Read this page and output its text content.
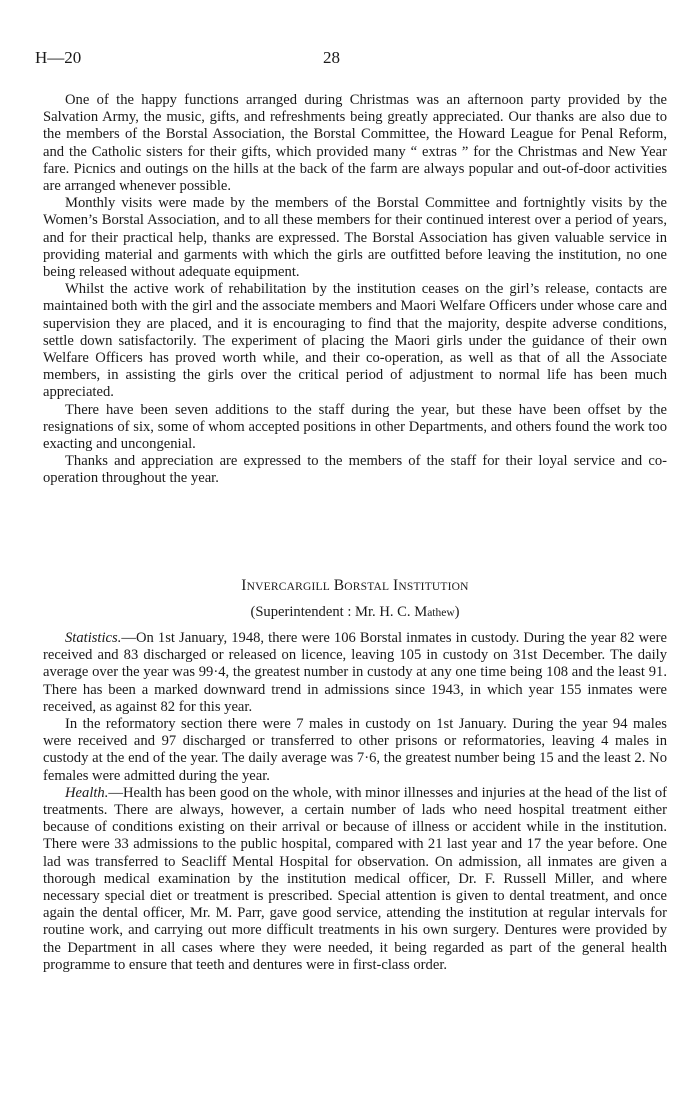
H—20	28

One of the happy functions arranged during Christmas was an afternoon party provided by the Salvation Army, the music, gifts, and refreshments being greatly appreciated. Our thanks are also due to the members of the Borstal Association, the Borstal Committee, the Howard League for Penal Reform, and the Catholic sisters for their gifts, which provided many “ extras ” for the Christmas and New Year fare. Picnics and outings on the hills at the back of the farm are always popular and out-of-door activities are arranged whenever possible.

Monthly visits were made by the members of the Borstal Committee and fortnightly visits by the Women’s Borstal Association, and to all these members for their continued interest over a period of years, and for their practical help, thanks are expressed. The Borstal Association has given valuable service in providing material and garments with which the girls are outfitted before leaving the institution, no one being released without adequate equipment.

Whilst the active work of rehabilitation by the institution ceases on the girl’s release, contacts are maintained both with the girl and the associate members and Maori Welfare Officers under whose care and supervision they are placed, and it is encouraging to find that the majority, despite adverse conditions, settle down satisfactorily. The experiment of placing the Maori girls under the guidance of their own Welfare Officers has proved worth while, and their co-operation, as well as that of all the Associate members, in assisting the girls over the critical period of adjustment to normal life has been much appreciated.

There have been seven additions to the staff during the year, but these have been offset by the resignations of six, some of whom accepted positions in other Departments, and others found the work too exacting and uncongenial.

Thanks and appreciation are expressed to the members of the staff for their loyal service and co-operation throughout the year.

INVERCARGILL BORSTAL INSTITUTION
(Superintendent : Mr. H. C. Mathew)

Statistics.—On 1st January, 1948, there were 106 Borstal inmates in custody. During the year 82 were received and 83 discharged or released on licence, leaving 105 in custody on 31st December. The daily average over the year was 99·4, the greatest number in custody at any one time being 108 and the least 91. There has been a marked downward trend in admissions since 1943, in which year 155 inmates were received, as against 82 for this year.

In the reformatory section there were 7 males in custody on 1st January. During the year 94 males were received and 97 discharged or transferred to other prisons or reformatories, leaving 4 males in custody at the end of the year. The daily average was 7·6, the greatest number being 15 and the least 2. No females were admitted during the year.

Health.—Health has been good on the whole, with minor illnesses and injuries at the head of the list of treatments. There are always, however, a certain number of lads who need hospital treatment either because of conditions existing on their arrival or because of illness or accident while in the institution. There were 33 admissions to the public hospital, compared with 21 last year and 17 the year before. One lad was transferred to Seacliff Mental Hospital for observation. On admission, all inmates are given a thorough medical examination by the institution medical officer, Dr. F. Russell Miller, and where necessary special diet or treatment is prescribed. Special attention is given to dental treatment, and once again the dental officer, Mr. M. Parr, gave good service, attending the institution at regular intervals for routine work, and carrying out more difficult treatments in his own surgery. Dentures were provided by the Department in all cases where they were needed, it being regarded as part of the general health programme to ensure that teeth and dentures were in first-class order.
